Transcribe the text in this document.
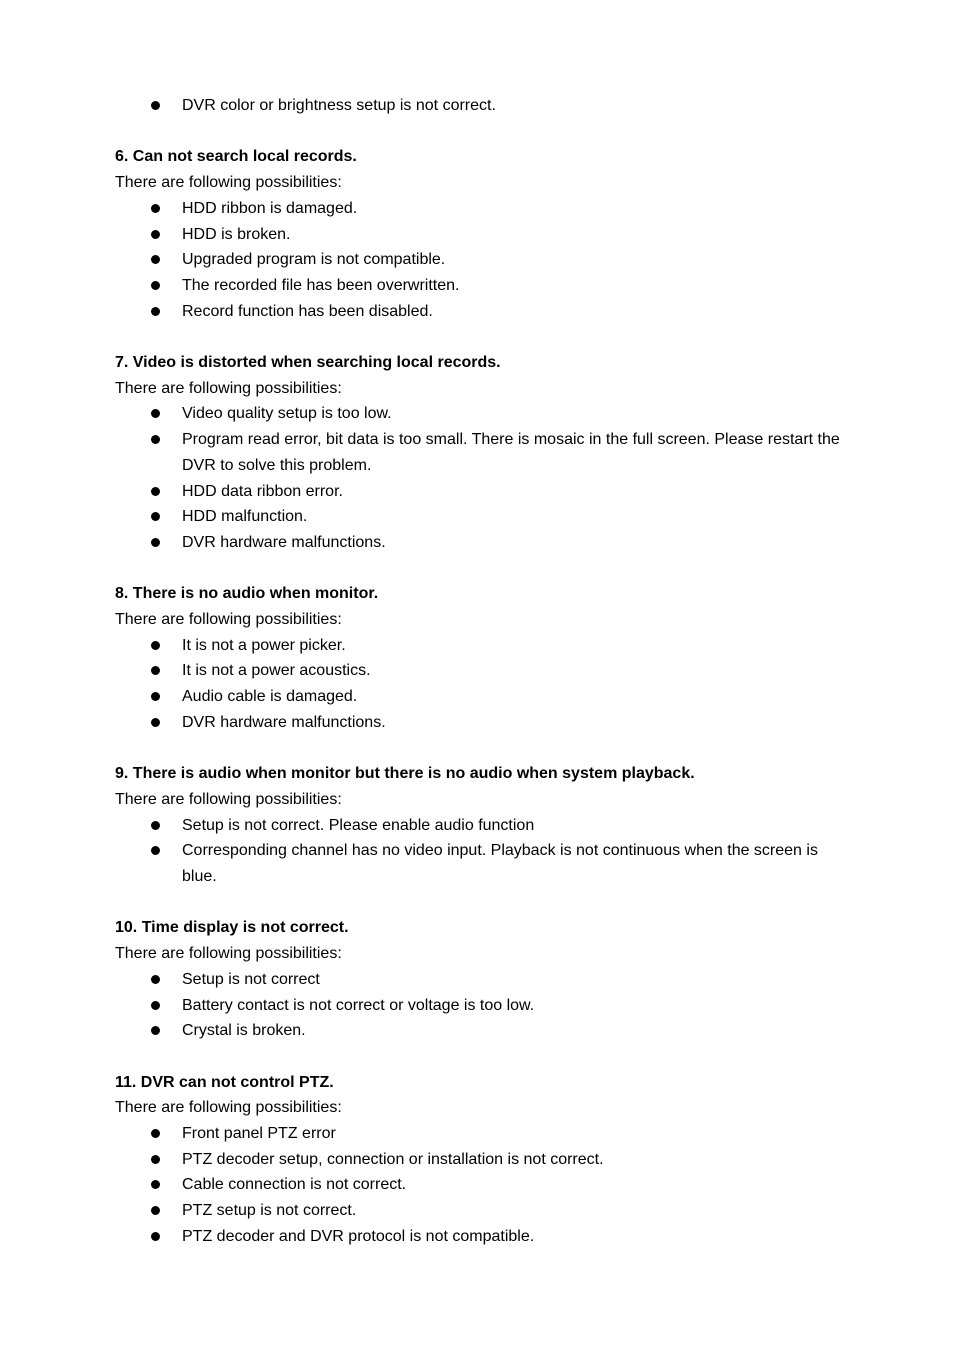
DVR color or brightness setup is not correct.
6. Can not search local records.
There are following possibilities:
HDD ribbon is damaged.
HDD is broken.
Upgraded program is not compatible.
The recorded file has been overwritten.
Record function has been disabled.
7. Video is distorted when searching local records.
There are following possibilities:
Video quality setup is too low.
Program read error, bit data is too small. There is mosaic in the full screen. Please restart the DVR to solve this problem.
HDD data ribbon error.
HDD malfunction.
DVR hardware malfunctions.
8. There is no audio when monitor.
There are following possibilities:
It is not a power picker.
It is not a power acoustics.
Audio cable is damaged.
DVR hardware malfunctions.
9. There is audio when monitor but there is no audio when system playback.
There are following possibilities:
Setup is not correct. Please enable audio function
Corresponding channel has no video input. Playback is not continuous when the screen is blue.
10. Time display is not correct.
There are following possibilities:
Setup is not correct
Battery contact is not correct or voltage is too low.
Crystal is broken.
11. DVR can not control PTZ.
There are following possibilities:
Front panel PTZ error
PTZ decoder setup, connection or installation is not correct.
Cable connection is not correct.
PTZ setup is not correct.
PTZ decoder and DVR protocol is not compatible.
